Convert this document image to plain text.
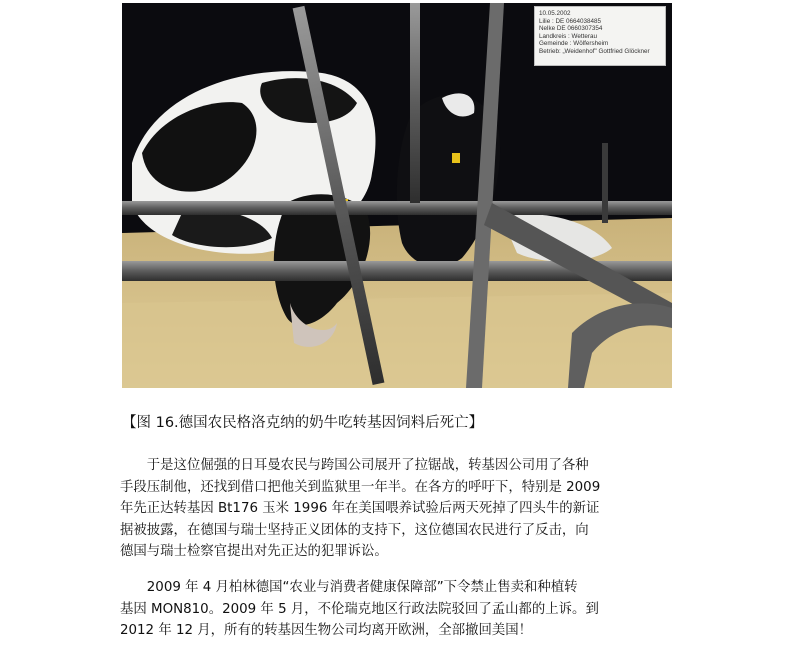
10.05.2002
Lilie : DE 0664038485
Nelke DE 0660307354
Landkreis : Wetterau
Gemeinde : Wölfersheim
Betrieb: „Weidenhof" Gottfried Glöckner
【图 16.德国农民格洛克纳的奶牛吃转基因饲料后死亡】

　　于是这位倔强的日耳曼农民与跨国公司展开了拉锯战，转基因公司用了各种
手段压制他，还找到借口把他关到监狱里一年半。在各方的呼吁下，特别是 2009
年先正达转基因 Bt176 玉米 1996 年在美国喂养试验后两天死掉了四头牛的新证
据被披露，在德国与瑞士坚持正义团体的支持下，这位德国农民进行了反击，向
德国与瑞士检察官提出对先正达的犯罪诉讼。

　　2009 年 4 月柏林德国“农业与消费者健康保障部”下令禁止售卖和种植转
基因 MON810。2009 年 5 月，不伦瑞克地区行政法院驳回了孟山都的上诉。到
2012 年 12 月，所有的转基因生物公司均离开欧洲，全部撤回美国！
